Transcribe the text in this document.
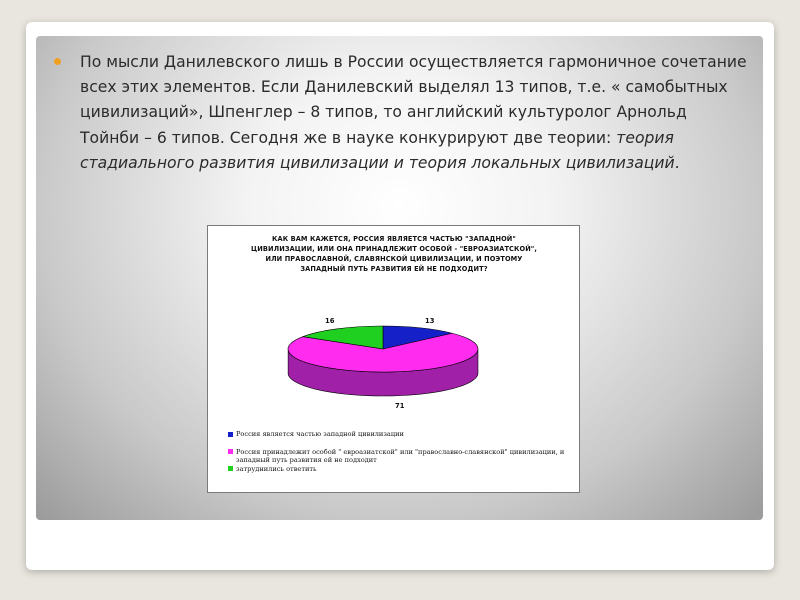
По мысли Данилевского лишь в России осуществляется гармоничное сочетание всех этих элементов. Если Данилевский выделял 13 типов, т.е. « самобытных цивилизаций», Шпенглер – 8 типов, то английский культуролог Арнольд Тойнби – 6 типов. Сегодня же в науке конкурируют две теории: теория стадиального развития цивилизации и теория локальных цивилизаций.
КАК ВАМ КАЖЕТСЯ, РОССИЯ ЯВЛЯЕТСЯ ЧАСТЬЮ "ЗАПАДНОЙ" ЦИВИЛИЗАЦИИ, ИЛИ ОНА ПРИНАДЛЕЖИТ ОСОБОЙ - "ЕВРОАЗИАТСКОЙ", ИЛИ ПРАВОСЛАВНОЙ, СЛАВЯНСКОЙ ЦИВИЛИЗАЦИИ, И ПОЭТОМУ ЗАПАДНЫЙ ПУТЬ РАЗВИТИЯ ЕЙ НЕ ПОДХОДИТ?
13
71
16
Россия является частью западной цивилизации
Россия принадлежит особой " евроазиатской" или "православно-славянской" цивилизации, и западный путь развития ей не подходит
затруднились ответить
